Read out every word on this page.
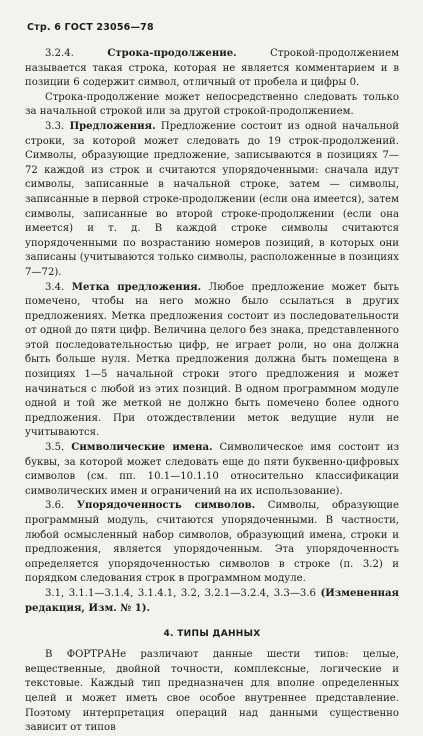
Стр. 6 ГОСТ 23056—78

3.2.4. Строка-продолжение. Строкой-продолжением называется такая строка, которая не является комментарием и в позиции 6 содержит символ, отличный от пробела и цифры 0.

Строка-продолжение может непосредственно следовать только за начальной строкой или за другой строкой-продолжением.

3.3. Предложения. Предложение состоит из одной начальной строки, за которой может следовать до 19 строк-продолжений. Символы, образующие предложение, записываются в позициях 7—72 каждой из строк и считаются упорядоченными: сначала идут символы, записанные в начальной строке, затем — символы, записанные в первой строке-продолжении (если она имеется), затем символы, записанные во второй строке-продолжении (если она имеется) и т. д. В каждой строке символы считаются упорядоченными по возрастанию номеров позиций, в которых они записаны (учитываются только символы, расположенные в позициях 7—72).

3.4. Метка предложения. Любое предложение может быть помечено, чтобы на него можно было ссылаться в других предложениях. Метка предложения состоит из последовательности от одной до пяти цифр. Величина целого без знака, представленного этой последовательностью цифр, не играет роли, но она должна быть больше нуля. Метка предложения должна быть помещена в позициях 1—5 начальной строки этого предложения и может начинаться с любой из этих позиций. В одном программном модуле одной и той же меткой не должно быть помечено более одного предложения. При отождествлении меток ведущие нули не учитываются.

3.5. Символические имена. Символическое имя состоит из буквы, за которой может следовать еще до пяти буквенно-цифровых символов (см. пп. 10.1—10.1.10 относительно классификации символических имен и ограничений на их использование).

3.6. Упорядоченность символов. Символы, образующие программный модуль, считаются упорядоченными. В частности, любой осмысленный набор символов, образующий имена, строки и предложения, является упорядоченным. Эта упорядоченность определяется упорядоченностью символов в строке (п. 3.2) и порядком следования строк в программном модуле.

3.1, 3.1.1—3.1.4, 3.1.4.1, 3.2, 3.2.1—3.2.4, 3.3—3.6 (Измененная редакция, Изм. № 1).

4. ТИПЫ ДАННЫХ

В ФОРТРАНе различают данные шести типов: целые, вещественные, двойной точности, комплексные, логические и текстовые. Каждый тип предназначен для вполне определенных целей и может иметь свое особое внутреннее представление. Поэтому интерпретация операций над данными существенно зависит от типов
